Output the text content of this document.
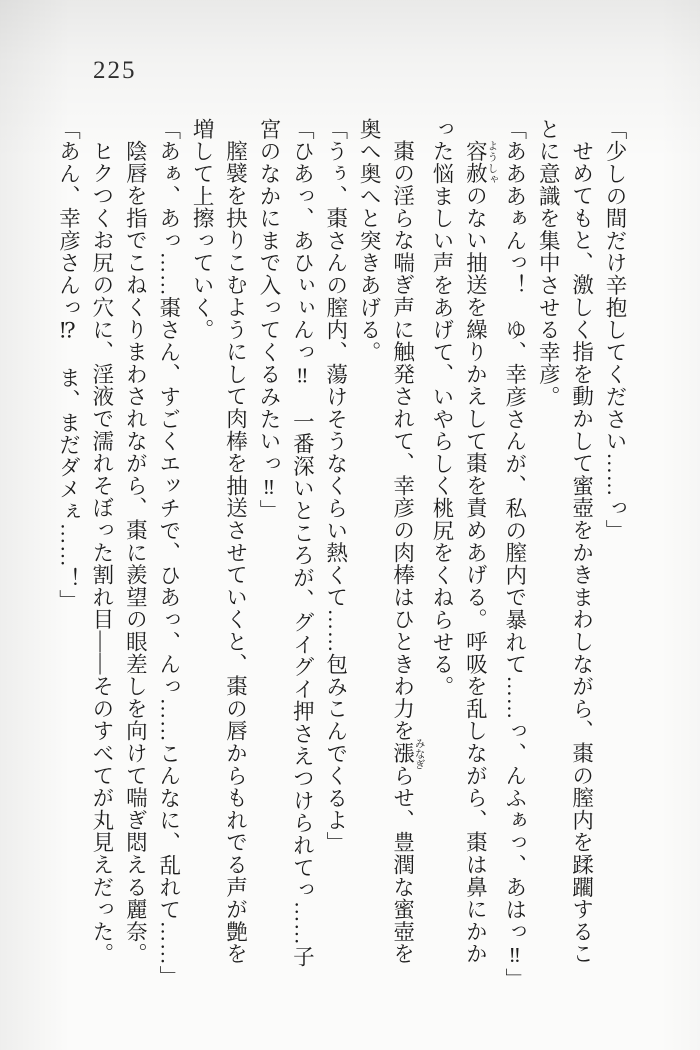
225

「少しの間だけ辛抱してください……っ」

せめてもと、激しく指を動かして蜜壺をかきまわしながら、棗の膣内を蹂躙するこ

とに意識を集中させる幸彦。

「あああぁんっ！　ゆ、幸彦さんが、私の膣内で暴れて……っ、んふぁっ、あはっ‼」

容赦 ようしゃのない抽送を繰りかえして棗を責めあげる。呼吸を乱しながら、棗は鼻にかか

った悩ましい声をあげて、いやらしく桃尻をくねらせる。

棗の淫らな喘ぎ声に触発されて、幸彦の肉棒はひときわ力を漲 みなぎらせ、豊潤な蜜壺を

奥へ奥へと突きあげる。

「うぅ、棗さんの膣内、蕩けそうなくらい熱くて……包みこんでくるよ」

「ひあっ、あひぃぃんっ‼　一番深いところが、グイグイ押さえつけられてっ……子

宮のなかにまで入ってくるみたいっ‼」

膣襞を抉りこむようにして肉棒を抽送させていくと、棗の唇からもれでる声が艶を

増して上擦っていく。

「あぁ、あっ……棗さん、すごくエッチで、ひあっ、んっ……こんなに、乱れて……」

陰唇を指でこねくりまわされながら、棗に羨望の眼差しを向けて喘ぎ悶える麗奈。

ヒクつくお尻の穴に、淫液で濡れそぼった割れ目――そのすべてが丸見えだった。

「あん、幸彦さんっ⁉　ま、まだダメぇ……！」
